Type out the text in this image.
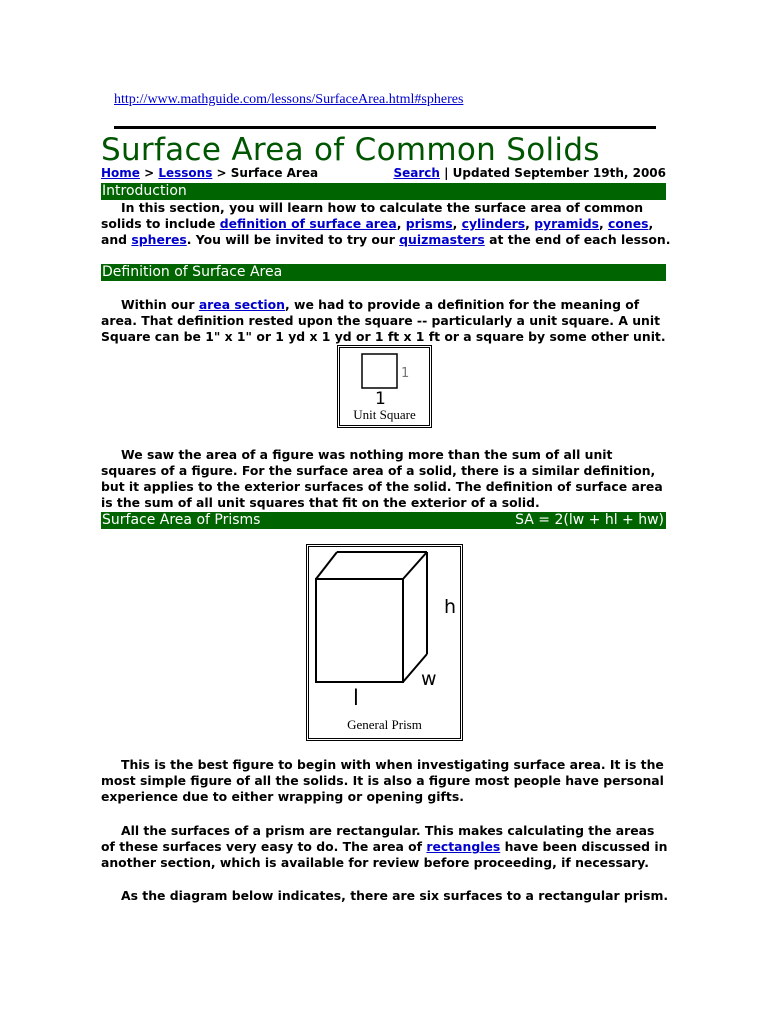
http://www.mathguide.com/lessons/SurfaceArea.html#spheres
Surface Area of Common Solids
Home > Lessons > Surface Area	Search | Updated September 19th, 2006
Introduction

In this section, you will learn how to calculate the surface area of common solids to include definition of surface area, prisms, cylinders, pyramids, cones, and spheres. You will be invited to try our quizmasters at the end of each lesson.

Definition of Surface Area

Within our area section, we had to provide a definition for the meaning of area. That definition rested upon the square -- particularly a unit square. A unit Square can be 1" x 1" or 1 yd x 1 yd or 1 ft x 1 ft or a square by some other unit.

1
1
Unit Square

We saw the area of a figure was nothing more than the sum of all unit squares of a figure. For the surface area of a solid, there is a similar definition, but it applies to the exterior surfaces of the solid. The definition of surface area is the sum of all unit squares that fit on the exterior of a solid.

Surface Area of Prisms	SA = 2(lw + hl + hw)
h
w
l
General Prism

This is the best figure to begin with when investigating surface area. It is the most simple figure of all the solids. It is also a figure most people have personal experience due to either wrapping or opening gifts.

All the surfaces of a prism are rectangular. This makes calculating the areas of these surfaces very easy to do. The area of rectangles have been discussed in another section, which is available for review before proceeding, if necessary.

As the diagram below indicates, there are six surfaces to a rectangular prism.
